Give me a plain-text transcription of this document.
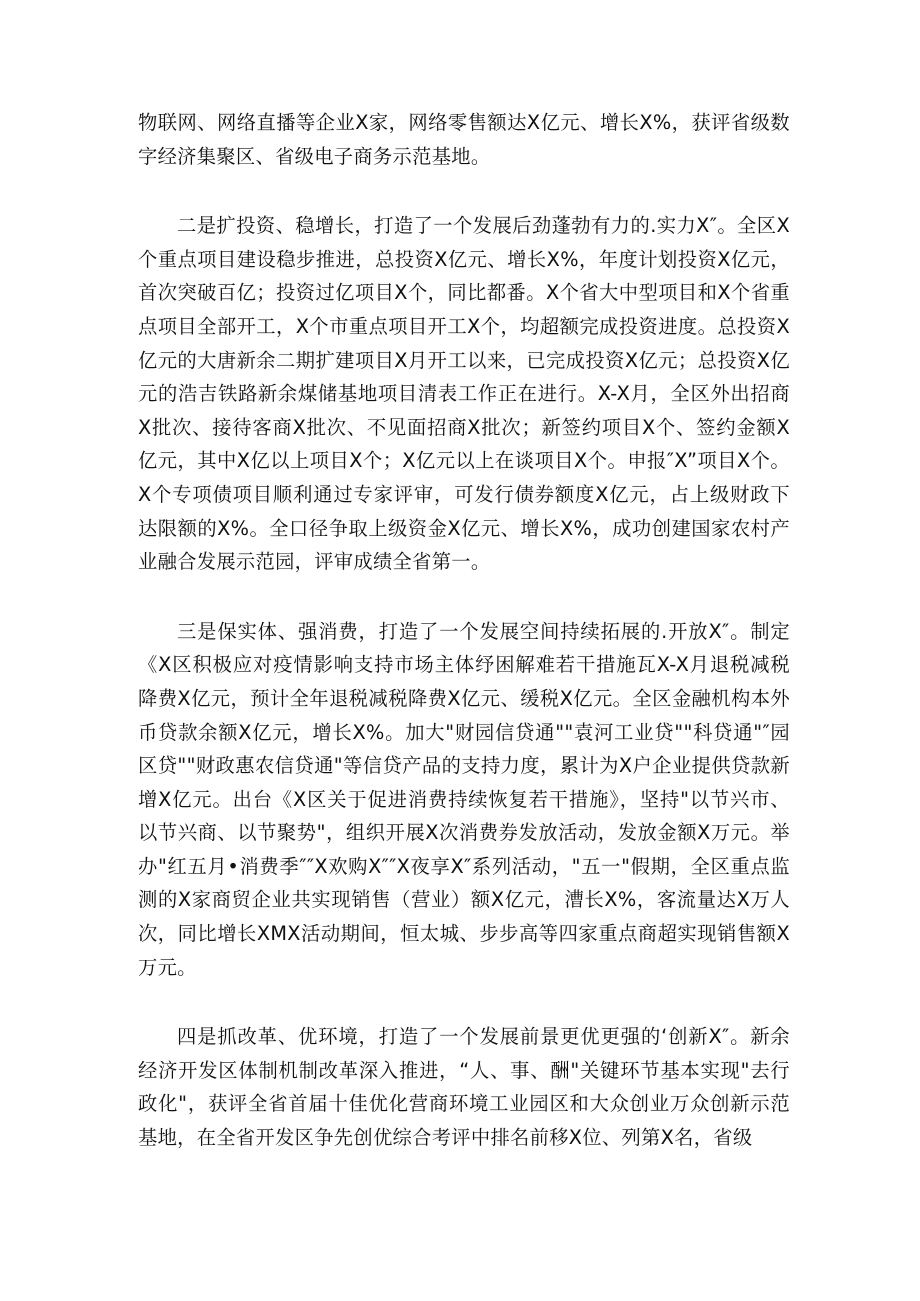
物联网、网络直播等企业X家，网络零售额达X亿元、增长X%，获评省级数字经济集聚区、省级电子商务示范基地。

二是扩投资、稳增长，打造了一个发展后劲蓬勃有力的.实力X″。全区X个重点项目建设稳步推进，总投资X亿元、增长X%，年度计划投资X亿元，首次突破百亿；投资过亿项目X个，同比都番。X个省大中型项目和X个省重点项目全部开工，X个市重点项目开工X个，均超额完成投资进度。总投资X亿元的大唐新余二期扩建项目X月开工以来，已完成投资X亿元；总投资X亿元的浩吉铁路新余煤储基地项目清表工作正在进行。X-X月，全区外出招商X批次、接待客商X批次、不见面招商X批次；新签约项目X个、签约金额X亿元，其中X亿以上项目X个；X亿元以上在谈项目X个。申报″X”项目X个。X个专项债项目顺利通过专家评审，可发行债券额度X亿元，占上级财政下达限额的X%。全口径争取上级资金X亿元、增长X%，成功创建国家农村产业融合发展示范园，评审成绩全省第一。

三是保实体、强消费，打造了一个发展空间持续拓展的.开放X″。制定《X区积极应对疫情影响支持市场主体纾困解难若干措施瓦X-X月退税减税降费X亿元，预计全年退税减税降费X亿元、缓税X亿元。全区金融机构本外币贷款余额X亿元，增长X%。加大"财园信贷通""袁河工业贷""科贷通"″园区贷""财政惠农信贷通"等信贷产品的支持力度，累计为X户企业提供贷款新增X亿元。出台《X区关于促进消费持续恢复若干措施》，坚持"以节兴市、以节兴商、以节聚势"，组织开展X次消费券发放活动，发放金额X万元。举办"红五月•消费季″″X欢购X″″X夜享X″系列活动，"五一"假期，全区重点监测的X家商贸企业共实现销售（营业）额X亿元，漕长X%，客流量达X万人次，同比增长XMX活动期间，恒太城、步步高等四家重点商超实现销售额X万元。

四是抓改革、优环境，打造了一个发展前景更优更强的‘创新X″。新余经济开发区体制机制改革深入推进，“人、事、酬"关键环节基本实现"去行政化"，获评全省首届十佳优化营商环境工业园区和大众创业万众创新示范基地，在全省开发区争先创优综合考评中排名前移X位、列第X名，省级
